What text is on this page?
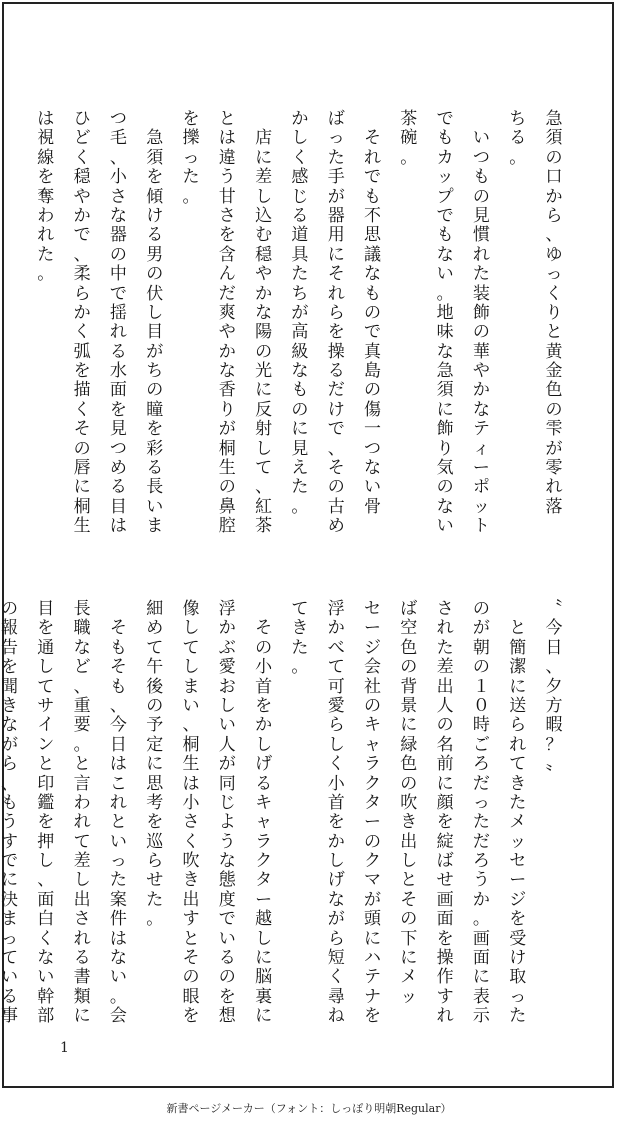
急
須
の
口
か
ら
、
ゆ
っ
く
り
と
黄
金
色
の
雫
が
零
れ
落
ち
る
。

い
つ
も
の
見
慣
れ
た
装
飾
の
華
や
か
な
テ
ィ
ー
ポ
ッ
ト
で
も
カ
ッ
プ
で
も
な
い
。
地
味
な
急
須
に
飾
り
気
の
な
い
茶
碗
。

そ
れ
で
も
不
思
議
な
も
の
で
真
島
の
傷
一
つ
な
い
骨
ば
っ
た
手
が
器
用
に
そ
れ
ら
を
操
る
だ
け
で
、
そ
の
古
め
か
し
く
感
じ
る
道
具
た
ち
が
高
級
な
も
の
に
見
え
た
。

店
に
差
し
込
む
穏
や
か
な
陽
の
光
に
反
射
し
て
、
紅
茶
と
は
違
う
甘
さ
を
含
ん
だ
爽
や
か
な
香
り
が
桐
生
の
鼻
腔
を
擽
っ
た
。

急
須
を
傾
け
る
男
の
伏
し
目
が
ち
の
瞳
を
彩
る
長
い
ま
つ
毛
、
小
さ
な
器
の
中
で
揺
れ
る
水
面
を
見
つ
め
る
目
は
ひ
ど
く
穏
や
か
で
、
柔
ら
か
く
弧
を
描
く
そ
の
唇
に
桐
生
は
視
線
を
奪
わ
れ
た
。
〝
今
日
、
夕
方
暇
？
〟

と
簡
潔
に
送
ら
れ
て
き
た
メ
ッ
セ
ー
ジ
を
受
け
取
っ
た
の
が
朝
の
１
０
時
ご
ろ
だ
っ
た
だ
ろ
う
か
。
画
面
に
表
示
さ
れ
た
差
出
人
の
名
前
に
顔
を
綻
ば
せ
画
面
を
操
作
す
れ
ば
空
色
の
背
景
に
緑
色
の
吹
き
出
し
と
そ
の
下
に
メ
ッ
セ
ー
ジ
会
社
の
キ
ャ
ラ
ク
タ
ー
の
ク
マ
が
頭
に
ハ
テ
ナ
を
浮
か
べ
て
可
愛
ら
し
く
小
首
を
か
し
げ
な
が
ら
短
く
尋
ね
て
き
た
。

そ
の
小
首
を
か
し
げ
る
キ
ャ
ラ
ク
タ
ー
越
し
に
脳
裏
に
浮
か
ぶ
愛
お
し
い
人
が
同
じ
よ
う
な
態
度
で
い
る
の
を
想
像
し
て
し
ま
い
、
桐
生
は
小
さ
く
吹
き
出
す
と
そ
の
眼
を
細
め
て
午
後
の
予
定
に
思
考
を
巡
ら
せ
た
。

そ
も
そ
も
、
今
日
は
こ
れ
と
い
っ
た
案
件
は
な
い
。
会
長
職
な
ど
、
重
要
。
と
言
わ
れ
て
差
し
出
さ
れ
る
書
類
に
目
を
通
し
て
サ
イ
ン
と
印
鑑
を
押
し
、
面
白
く
な
い
幹
部
の
報
告
を
聞
き
な
が
ら
、
も
う
す
で
に
決
ま
っ
て
い
る
事
1
新書ページメーカー（フォント：しっぽり明朝Regular）
